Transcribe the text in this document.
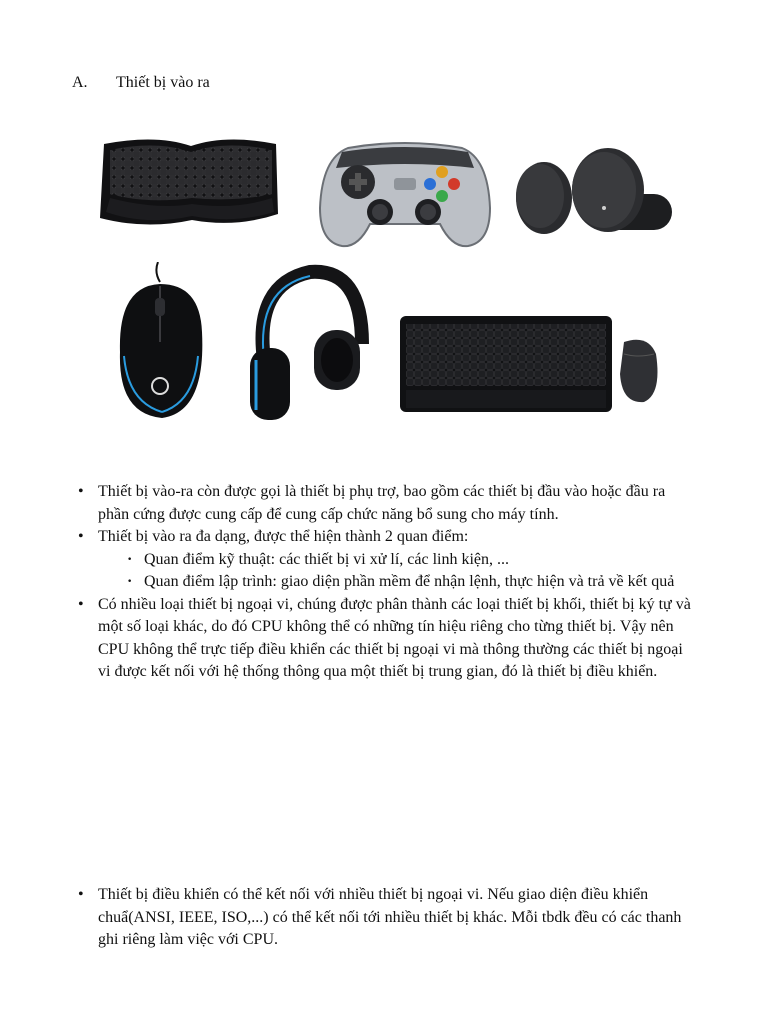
A. Thiết bị vào ra
• Thiết bị vào-ra còn được gọi là thiết bị phụ trợ, bao gồm các thiết bị đầu vào hoặc đầu ra phần cứng được cung cấp để cung cấp chức năng bổ sung cho máy tính.
• Thiết bị vào ra đa dạng, được thể hiện thành 2 quan điểm:
· Quan điểm kỹ thuật: các thiết bị vi xử lí, các linh kiện, ...
· Quan điểm lập trình: giao diện phần mềm để nhận lệnh, thực hiện và trả về kết quả
• Có nhiều loại thiết bị ngoại vi, chúng được phân thành các loại thiết bị khối, thiết bị ký tự và một số loại khác, do đó CPU không thể có những tín hiệu riêng cho từng thiết bị. Vậy nên CPU không thể trực tiếp điều khiển các thiết bị ngoại vi mà thông thường các thiết bị ngoại vi được kết nối với hệ thống thông qua một thiết bị trung gian, đó là thiết bị điều khiển.
• Thiết bị điều khiển có thể kết nối với nhiều thiết bị ngoại vi. Nếu giao diện điều khiển chuẩ(ANSI, IEEE, ISO,...) có thể kết nối tới nhiều thiết bị khác. Mỗi tbdk đều có các thanh ghi riêng làm việc với CPU.
